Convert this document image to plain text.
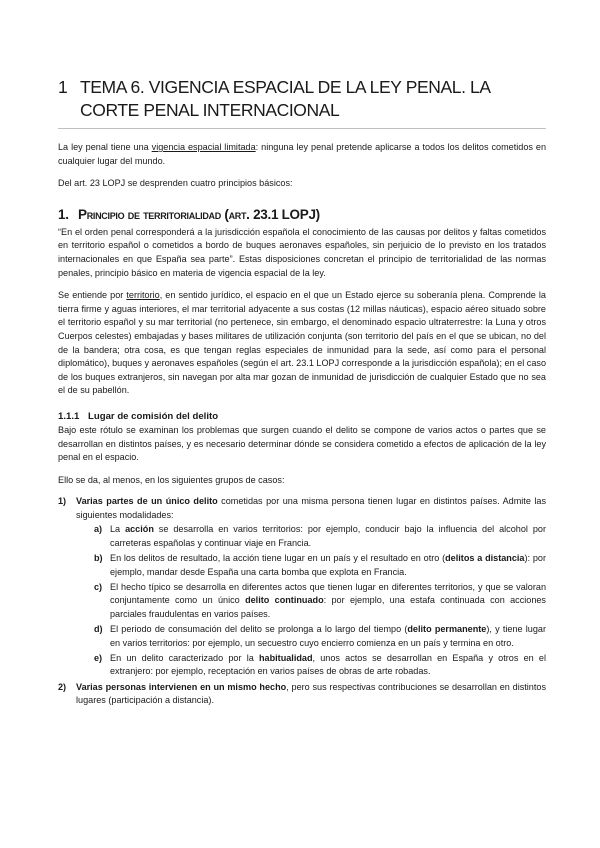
1 TEMA 6. VIGENCIA ESPACIAL DE LA LEY PENAL. LA CORTE PENAL INTERNACIONAL

La ley penal tiene una vigencia espacial limitada: ninguna ley penal pretende aplicarse a todos los delitos cometidos en cualquier lugar del mundo.

Del art. 23 LOPJ se desprenden cuatro principios básicos:

1. Principio de territorialidad (art. 23.1 LOPJ)

“En el orden penal corresponderá a la jurisdicción española el conocimiento de las causas por delitos y faltas cometidos en territorio español o cometidos a bordo de buques aeronaves españoles, sin perjuicio de lo previsto en los tratados internacionales en que España sea parte”. Estas disposiciones concretan el principio de territorialidad de las normas penales, principio básico en materia de vigencia espacial de la ley.

Se entiende por territorio, en sentido jurídico, el espacio en el que un Estado ejerce su soberanía plena. Comprende la tierra firme y aguas interiores, el mar territorial adyacente a sus costas (12 millas náuticas), espacio aéreo situado sobre el territorio español y su mar territorial (no pertenece, sin embargo, el denominado espacio ultraterrestre: la Luna y otros Cuerpos celestes) embajadas y bases militares de utilización conjunta (son territorio del país en el que se ubican, no del de la bandera; otra cosa, es que tengan reglas especiales de inmunidad para la sede, así como para el personal diplomático), buques y aeronaves españoles (según el art. 23.1 LOPJ corresponde a la jurisdicción española); en el caso de los buques extranjeros, sin navegan por alta mar gozan de inmunidad de jurisdicción de cualquier Estado que no sea el de su pabellón.

1.1.1 Lugar de comisión del delito

Bajo este rótulo se examinan los problemas que surgen cuando el delito se compone de varios actos o partes que se desarrollan en distintos países, y es necesario determinar dónde se considera cometido a efectos de aplicación de la ley penal en el espacio.

Ello se da, al menos, en los siguientes grupos de casos:

1)	Varias partes de un único delito cometidas por una misma persona tienen lugar en distintos países. Admite las siguientes modalidades:
a) La acción se desarrolla en varios territorios: por ejemplo, conducir bajo la influencia del alcohol por carreteras españolas y continuar viaje en Francia.
b) En los delitos de resultado, la acción tiene lugar en un país y el resultado en otro (delitos a distancia): por ejemplo, mandar desde España una carta bomba que explota en Francia.
c) El hecho típico se desarrolla en diferentes actos que tienen lugar en diferentes territorios, y que se valoran conjuntamente como un único delito continuado: por ejemplo, una estafa continuada con acciones parciales fraudulentas en varios países.
d) El periodo de consumación del delito se prolonga a lo largo del tiempo (delito permanente), y tiene lugar en varios territorios: por ejemplo, un secuestro cuyo encierro comienza en un país y termina en otro.
e) En un delito caracterizado por la habitualidad, unos actos se desarrollan en España y otros en el extranjero: por ejemplo, receptación en varios países de obras de arte robadas.
2)	Varias personas intervienen en un mismo hecho, pero sus respectivas contribuciones se desarrollan en distintos lugares (participación a distancia).
